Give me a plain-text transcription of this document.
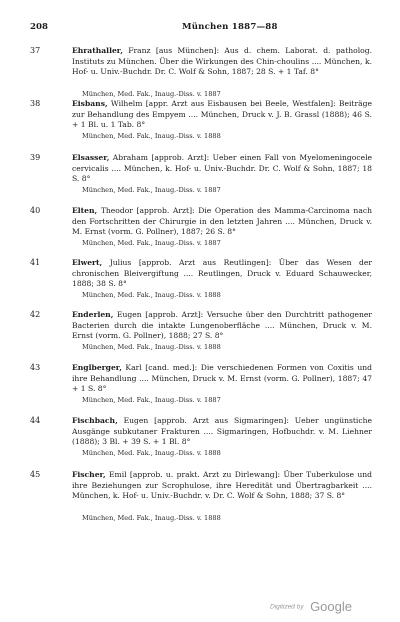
208	München 1887—88
37	Ehrathaller, Franz [aus München]: Aus d. chem. Laborat. d. patholog. Instituts zu München. Über die Wirkungen des Chin-choulins .... München, k. Hof- u. Univ.-Buchdr. Dr. C. Wolf & Sohn, 1887; 28 S. + 1 Taf. 8°
München, Med. Fak., Inaug.-Diss. v. 1887
38	Eisbans, Wilhelm [appr. Arzt aus Eisbausen bei Beele, Westfalen]: Beiträge zur Behandlung des Empyem .... München, Druck v. J. B. Grassl (1888); 46 S. + 1 Bl. u. 1 Tab. 8°
München, Med. Fak., Inaug.-Diss. v. 1888
39	Elsasser, Abraham [approb. Arzt]: Ueber einen Fall von Myelomeningocele cervicalis .... München, k. Hof- u. Univ.-Buchdr. Dr. C. Wolf & Sohn, 1887; 18 S. 8°
München, Med. Fak., Inaug.-Diss. v. 1887
40	Elten, Theodor [approb. Arzt]: Die Operation des Mamma-Carcinoma nach den Fortschritten der Chirurgie in den letzten Jahren .... München, Druck v. M. Ernst (vorm. G. Pollner), 1887; 26 S. 8°
München, Med. Fak., Inaug.-Diss. v. 1887
41	Elwert, Julius [approb. Arzt aus Reutlingen]: Über das Wesen der chronischen Bleivergiftung .... Reutlingen, Druck v. Eduard Schauwecker, 1888; 38 S. 8°
München, Med. Fak., Inaug.-Diss. v. 1888
42	Enderlen, Eugen [approb. Arzt]: Versuche über den Durchtritt pathogener Bacterien durch die intakte Lungenoberfläche .... München, Druck v. M. Ernst (vorm. G. Pollner), 1888; 27 S. 8°
München, Med. Fak., Inaug.-Diss. v. 1888
43	Englberger, Karl [cand. med.]: Die verschiedenen Formen von Coxitis und ihre Behandlung .... München, Druck v. M. Ernst (vorm. G. Pollner), 1887; 47 + 1 S. 8°
München, Med. Fak., Inaug.-Diss. v. 1887
44	Fischbach, Eugen [approb. Arzt aus Sigmaringen]: Ueber ungünstiche Ausgänge subkutaner Frakturen .... Sigmaringen, Hofbuchdr. v. M. Liehner (1888); 3 Bl. + 39 S. + 1 Bl. 8°
München, Med. Fak., Inaug.-Diss. v. 1888
45	Fischer, Emil [approb. u. prakt. Arzt zu Dirlewang]: Über Tuberkulose und ihre Beziehungen zur Scrophulose, ihre Heredität und Übertragbarkeit .... München, k. Hof- u. Univ.-Buchdr. v. Dr. C. Wolf & Sohn, 1888; 37 S. 8°
München, Med. Fak., Inaug.-Diss. v. 1888
Digitized by Google
